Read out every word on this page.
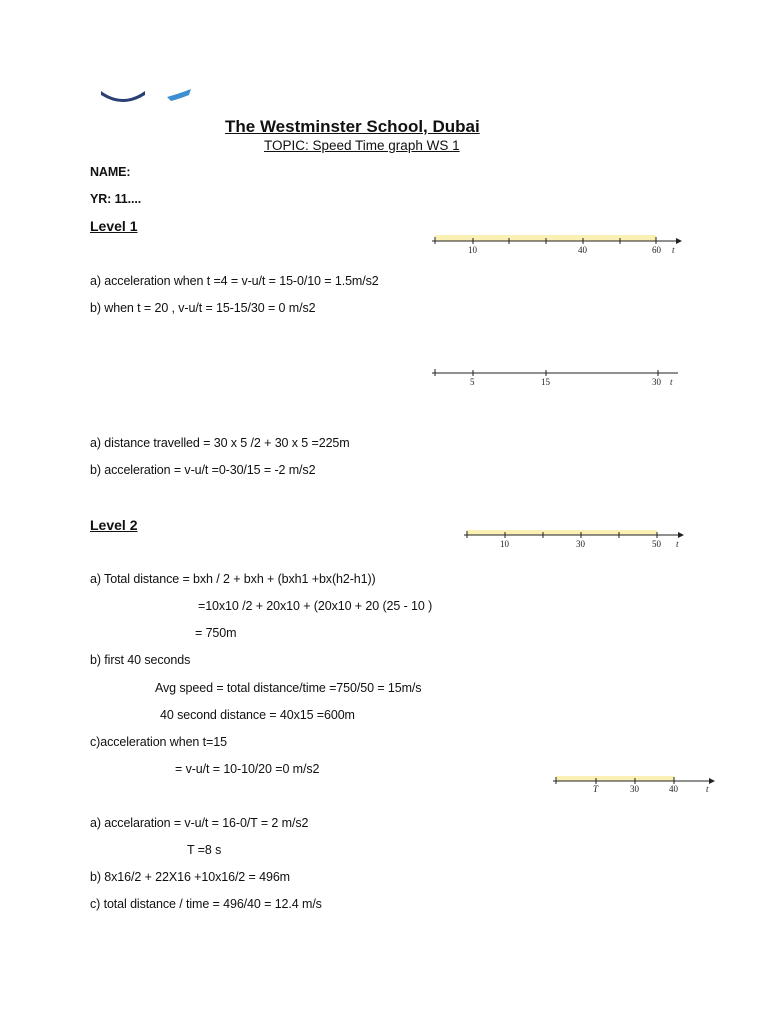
The Westminster School, Dubai
TOPIC: Speed Time graph WS 1
NAME:
YR: 11....
Level 1
10	40	60 t
a) acceleration when t =4 = v-u/t = 15-0/10 = 1.5m/s2
b) when t = 20 , v-u/t = 15-15/30 = 0 m/s2
5	15	30 t
a) distance travelled = 30 x 5 /2 + 30 x 5 =225m
b) acceleration = v-u/t =0-30/15 = -2 m/s2
Level 2
10	30	50 t
a) Total distance = bxh / 2 + bxh + (bxh1 +bx(h2-h1))
=10x10 /2 + 20x10 + (20x10 + 20 (25 - 10 )
= 750m
b) first 40 seconds
Avg speed = total distance/time =750/50 = 15m/s
40 second distance = 40x15 =600m
c)acceleration when t=15
= v-u/t = 10-10/20 =0 m/s2
T	30	40	t
a) accelaration = v-u/t = 16-0/T = 2 m/s2
T =8 s
b) 8x16/2 + 22X16 +10x16/2 = 496m
c) total distance / time = 496/40 = 12.4 m/s
